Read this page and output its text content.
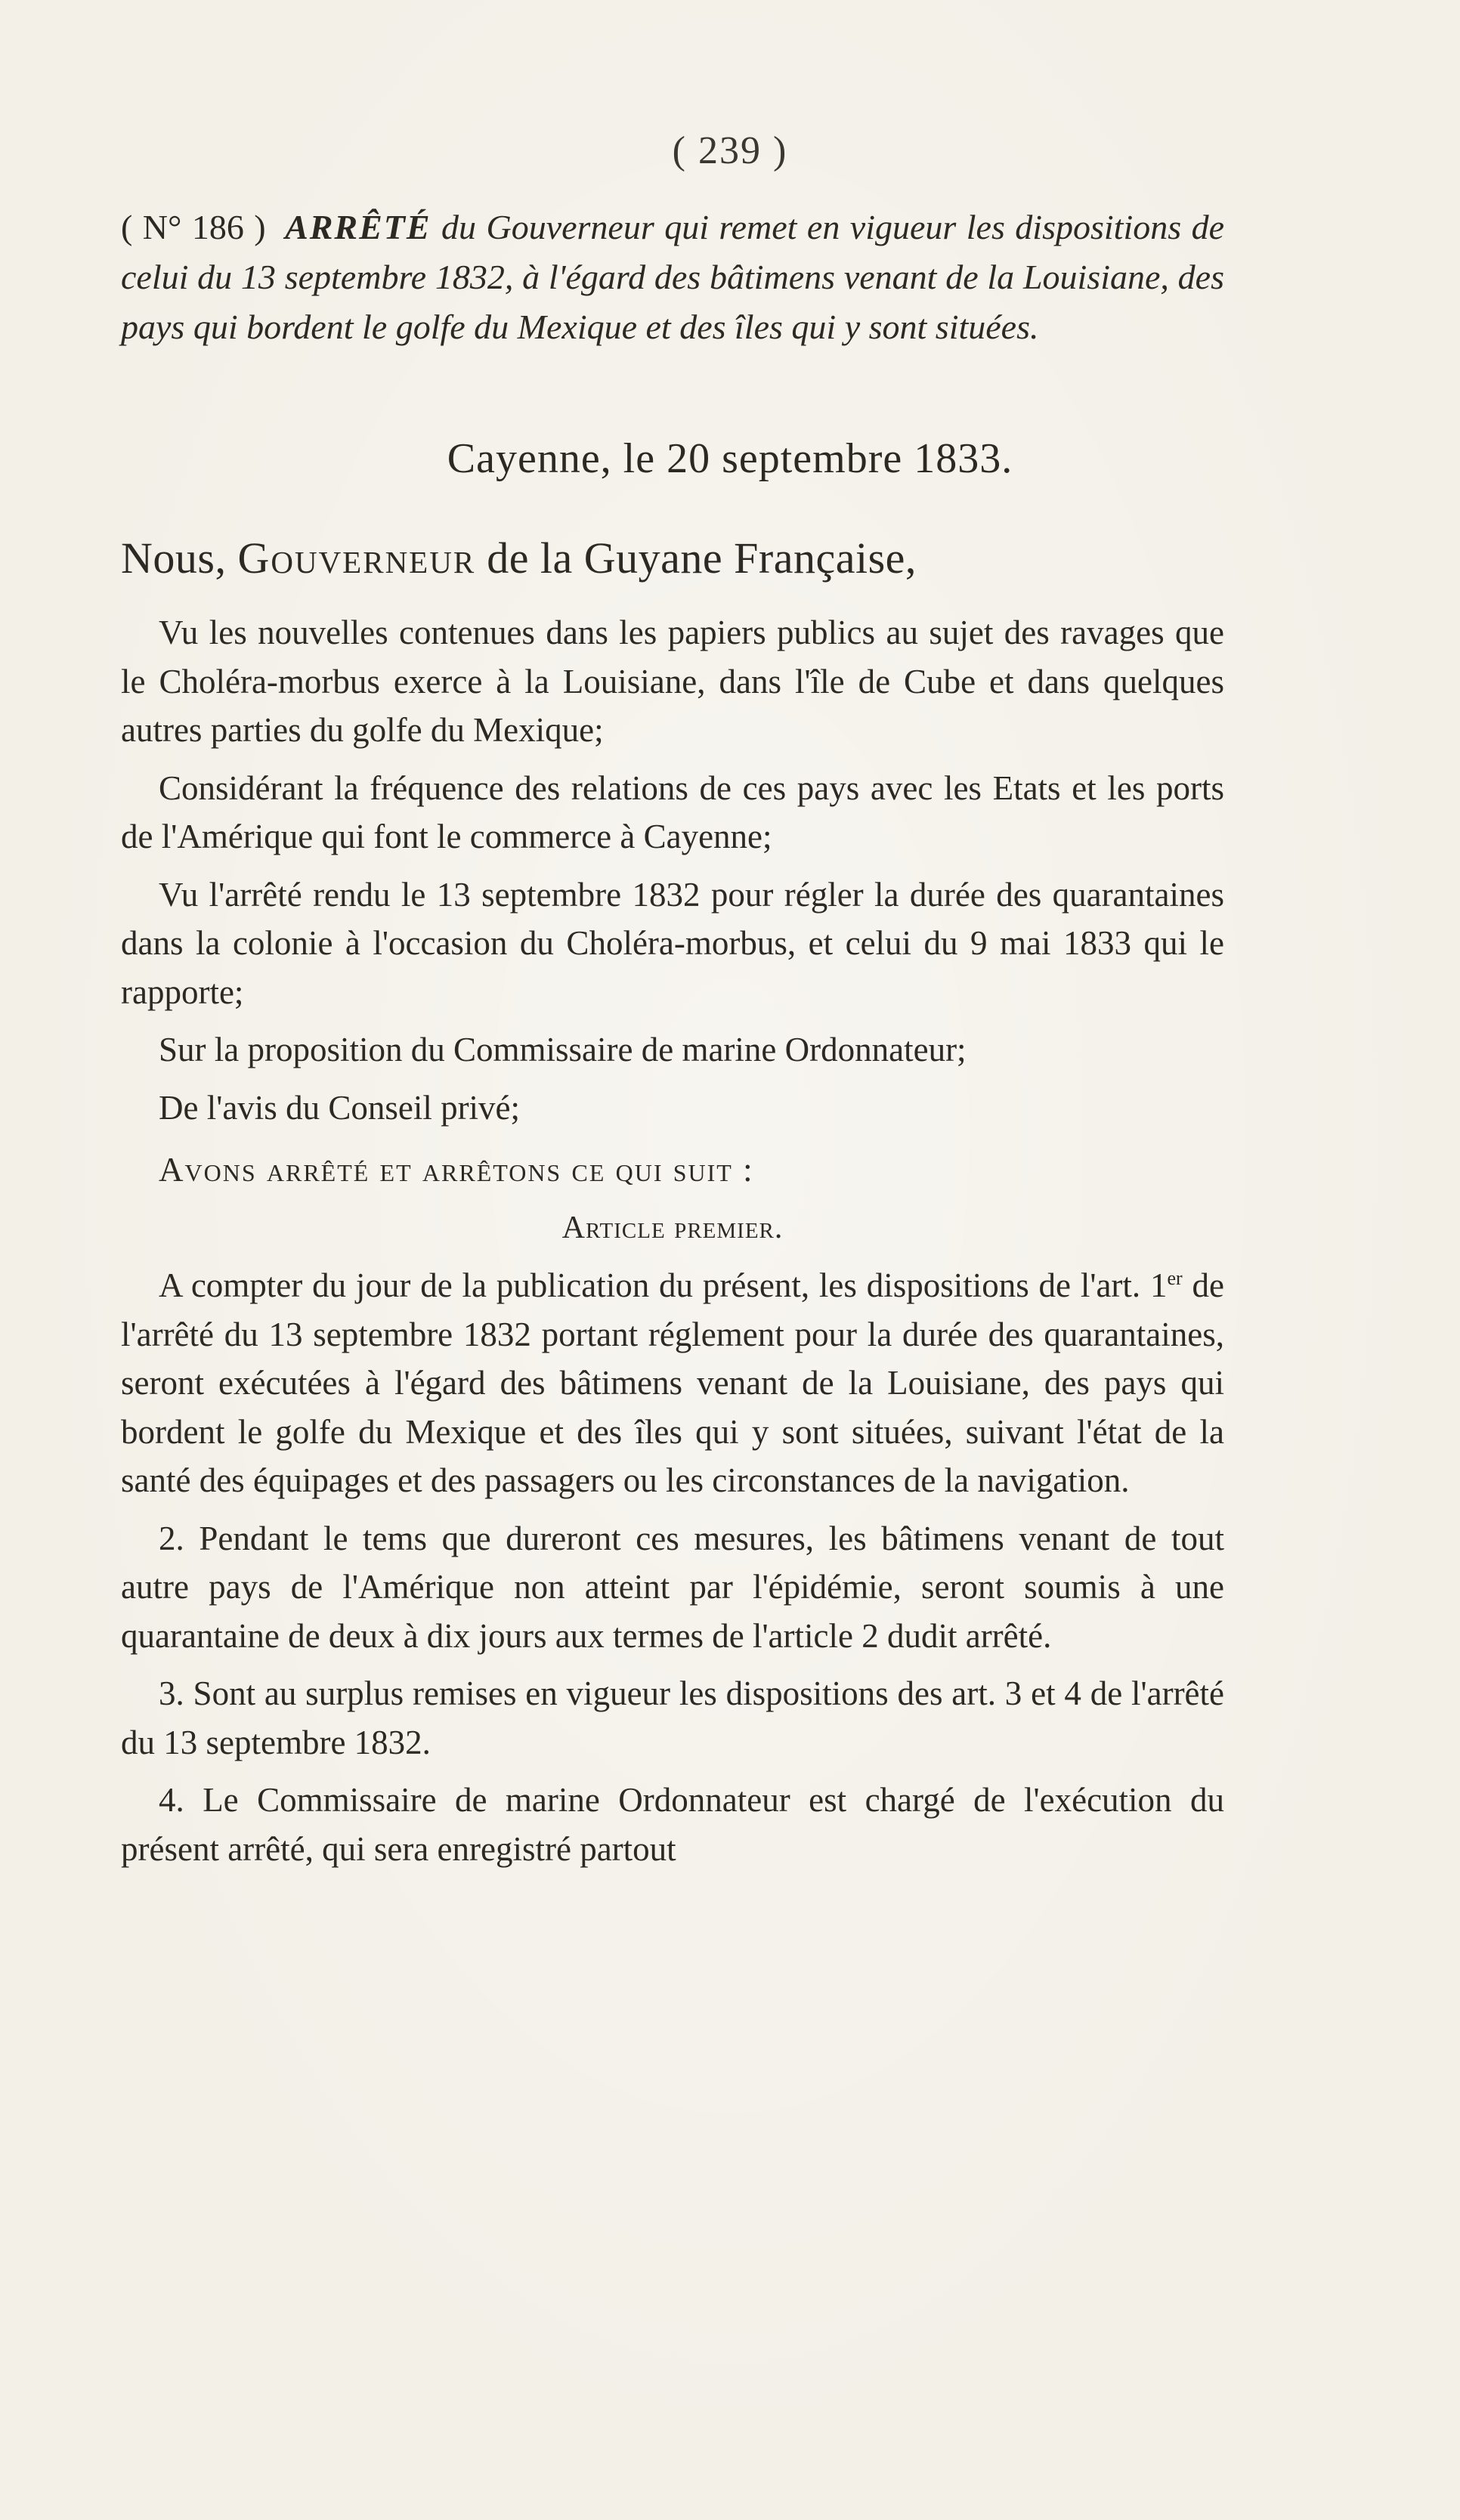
( 239 )
( N° 186 ) ARRÊTÉ du Gouverneur qui remet en vigueur les dispositions de celui du 13 septembre 1832, à l'égard des bâtimens venant de la Louisiane, des pays qui bordent le golfe du Mexique et des îles qui y sont situées.
Cayenne, le 20 septembre 1833.
Nous, Gouverneur de la Guyane Française,

Vu les nouvelles contenues dans les papiers publics au sujet des ravages que le Choléra-morbus exerce à la Louisiane, dans l'île de Cube et dans quelques autres parties du golfe du Mexique;

Considérant la fréquence des relations de ces pays avec les Etats et les ports de l'Amérique qui font le commerce à Cayenne;

Vu l'arrêté rendu le 13 septembre 1832 pour régler la durée des quarantaines dans la colonie à l'occasion du Choléra-morbus, et celui du 9 mai 1833 qui le rapporte;

Sur la proposition du Commissaire de marine Ordonnateur;

De l'avis du Conseil privé;

Avons arrêté et arrêtons ce qui suit :

Article premier.

A compter du jour de la publication du présent, les dispositions de l'art. 1er de l'arrêté du 13 septembre 1832 portant réglement pour la durée des quarantaines, seront exécutées à l'égard des bâtimens venant de la Louisiane, des pays qui bordent le golfe du Mexique et des îles qui y sont situées, suivant l'état de la santé des équipages et des passagers ou les circonstances de la navigation.

2. Pendant le tems que dureront ces mesures, les bâtimens venant de tout autre pays de l'Amérique non atteint par l'épidémie, seront soumis à une quarantaine de deux à dix jours aux termes de l'article 2 dudit arrêté.

3. Sont au surplus remises en vigueur les dispositions des art. 3 et 4 de l'arrêté du 13 septembre 1832.

4. Le Commissaire de marine Ordonnateur est chargé de l'exécution du présent arrêté, qui sera enregistré partout
